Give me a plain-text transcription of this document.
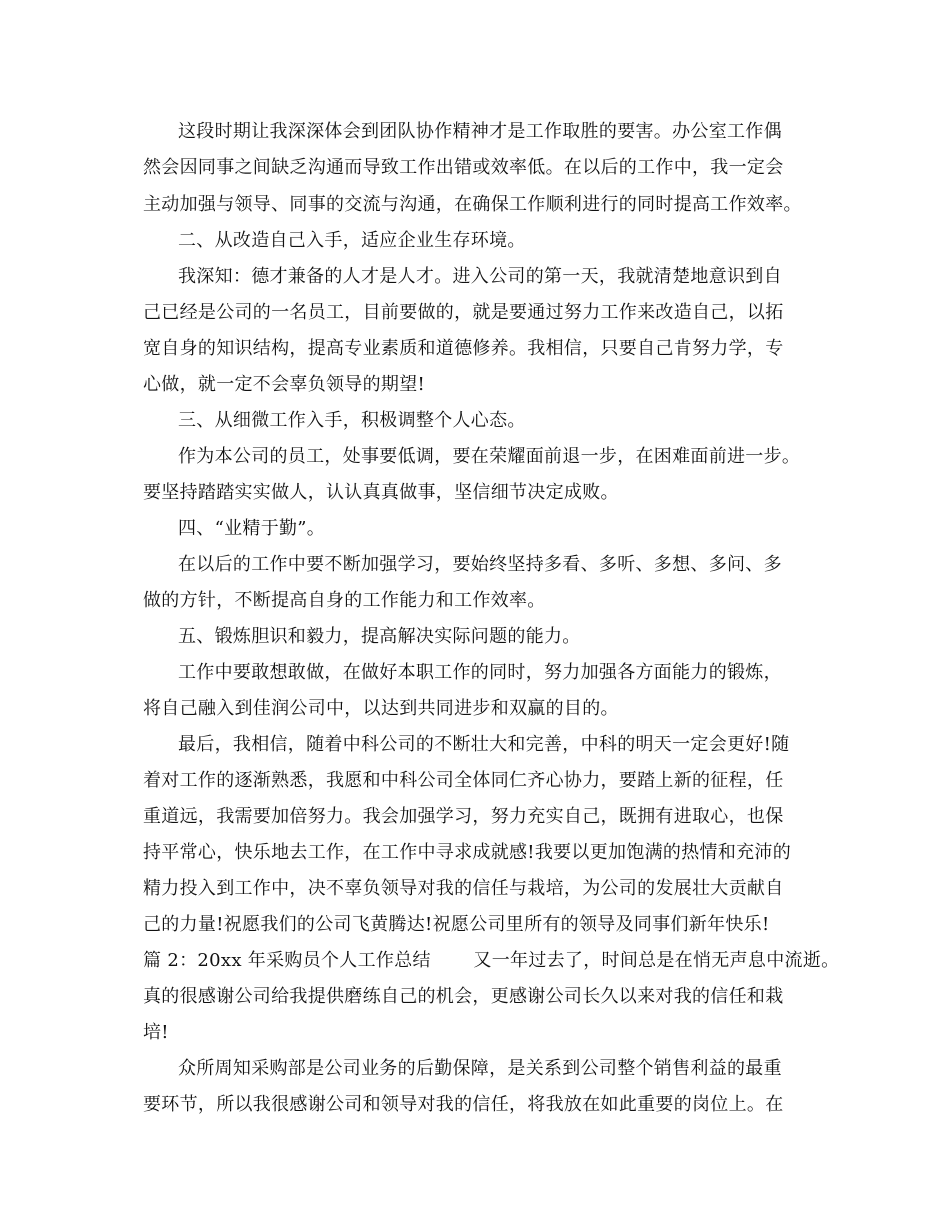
这段时期让我深深体会到团队协作精神才是工作取胜的要害。办公室工作偶
然会因同事之间缺乏沟通而导致工作出错或效率低。在以后的工作中，我一定会
主动加强与领导、同事的交流与沟通，在确保工作顺利进行的同时提高工作效率。
二、从改造自己入手，适应企业生存环境。
我深知：德才兼备的人才是人才。进入公司的第一天，我就清楚地意识到自
己已经是公司的一名员工，目前要做的，就是要通过努力工作来改造自己，以拓
宽自身的知识结构，提高专业素质和道德修养。我相信，只要自己肯努力学，专
心做，就一定不会辜负领导的期望!
三、从细微工作入手，积极调整个人心态。
作为本公司的员工，处事要低调，要在荣耀面前退一步，在困难面前进一步。
要坚持踏踏实实做人，认认真真做事，坚信细节决定成败。
四、“业精于勤”。
在以后的工作中要不断加强学习，要始终坚持多看、多听、多想、多问、多
做的方针，不断提高自身的工作能力和工作效率。
五、锻炼胆识和毅力，提高解决实际问题的能力。
工作中要敢想敢做，在做好本职工作的同时，努力加强各方面能力的锻炼，
将自己融入到佳润公司中，以达到共同进步和双赢的目的。
最后，我相信，随着中科公司的不断壮大和完善，中科的明天一定会更好!随
着对工作的逐渐熟悉，我愿和中科公司全体同仁齐心协力，要踏上新的征程，任
重道远，我需要加倍努力。我会加强学习，努力充实自己，既拥有进取心，也保
持平常心，快乐地去工作，在工作中寻求成就感!我要以更加饱满的热情和充沛的
精力投入到工作中，决不辜负领导对我的信任与栽培，为公司的发展壮大贡献自
己的力量!祝愿我们的公司飞黄腾达!祝愿公司里所有的领导及同事们新年快乐!
篇 2：20xx 年采购员个人工作总结 　　又一年过去了，时间总是在悄无声息中流逝。
真的很感谢公司给我提供磨练自己的机会，更感谢公司长久以来对我的信任和栽
培!
众所周知采购部是公司业务的后勤保障，是关系到公司整个销售利益的最重
要环节，所以我很感谢公司和领导对我的信任，将我放在如此重要的岗位上。在
